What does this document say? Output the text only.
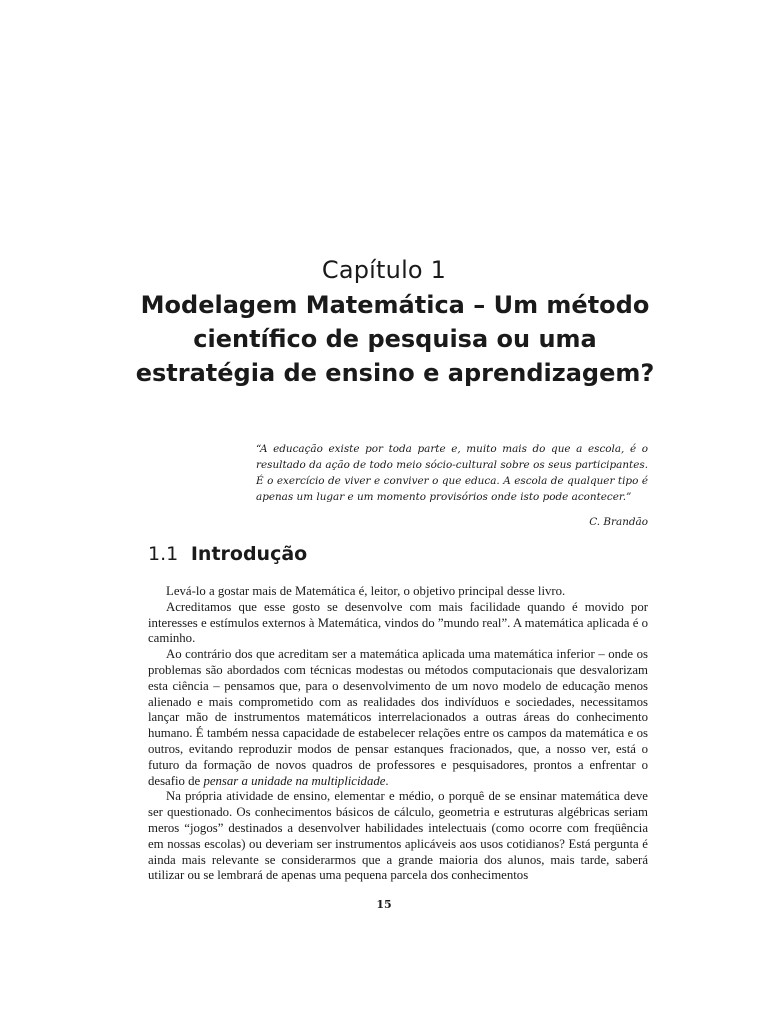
Capítulo 1
Modelagem Matemática – Um método científico de pesquisa ou uma estratégia de ensino e aprendizagem?
“A educação existe por toda parte e, muito mais do que a escola, é o resultado da ação de todo meio sócio-cultural sobre os seus participantes. É o exercício de viver e conviver o que educa. A escola de qualquer tipo é apenas um lugar e um momento provisórios onde isto pode acontecer.”
C. Brandão
1.1 Introdução

Levá-lo a gostar mais de Matemática é, leitor, o objetivo principal desse livro.

Acreditamos que esse gosto se desenvolve com mais facilidade quando é movido por interesses e estímulos externos à Matemática, vindos do ”mundo real”. A matemática aplicada é o caminho.

Ao contrário dos que acreditam ser a matemática aplicada uma matemática inferior – onde os problemas são abordados com técnicas modestas ou métodos computacionais que desvalorizam esta ciência – pensamos que, para o desenvolvimento de um novo modelo de educação menos alienado e mais comprometido com as realidades dos indivíduos e sociedades, necessitamos lançar mão de instrumentos matemáticos interrelacionados a outras áreas do conhecimento humano. É também nessa capacidade de estabelecer relações entre os campos da matemática e os outros, evitando reproduzir modos de pensar estanques fracionados, que, a nosso ver, está o futuro da formação de novos quadros de professores e pesquisadores, prontos a enfrentar o desafio de pensar a unidade na multiplicidade.

Na própria atividade de ensino, elementar e médio, o porquê de se ensinar matemática deve ser questionado. Os conhecimentos básicos de cálculo, geometria e estruturas algébricas seriam meros “jogos” destinados a desenvolver habilidades intelectuais (como ocorre com freqüência em nossas escolas) ou deveriam ser instrumentos aplicáveis aos usos cotidianos? Está pergunta é ainda mais relevante se considerarmos que a grande maioria dos alunos, mais tarde, saberá utilizar ou se lembrará de apenas uma pequena parcela dos conhecimentos

15
